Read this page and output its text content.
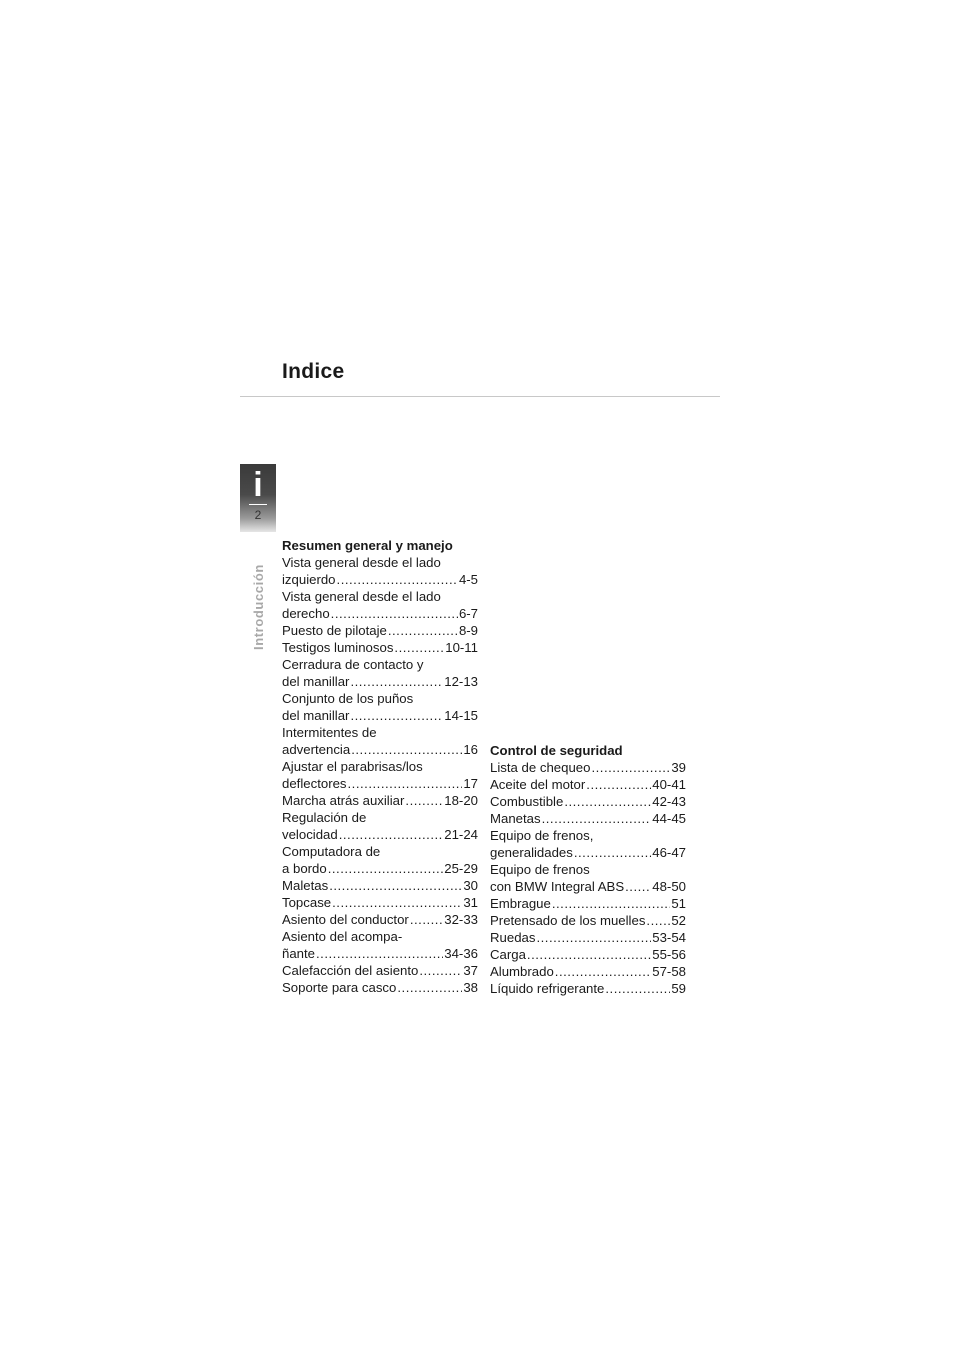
Indice
i
2
Introducción
Resumen general y manejo
Vista general desde el lado
izquierdo .....	4-5
Vista general desde el lado
derecho .....	6-7
Puesto de pilotaje .....	8-9
Testigos luminosos .....	10-11
Cerradura de contacto y
del manillar .....	12-13
Conjunto de los puños
del manillar .....	14-15
Intermitentes de
advertencia .....	16
Ajustar el parabrisas/los
deflectores .....	17
Marcha atrás auxiliar .....	18-20
Regulación de
velocidad .....	21-24
Computadora de
a bordo .....	25-29
Maletas .....	30
Topcase .....	31
Asiento del conductor .....	32-33
Asiento del acompa-
ñante .....	34-36
Calefacción del asiento .....	37
Soporte para casco .....	38
Control de seguridad
Lista de chequeo .....	39
Aceite del motor .....	40-41
Combustible .....	42-43
Manetas .....	44-45
Equipo de frenos,
generalidades .....	46-47
Equipo de frenos
con BMW Integral ABS ..... 48-50
Embrague .....	51
Pretensado de los muelles ..... 52
Ruedas .....	53-54
Carga .....	55-56
Alumbrado .....	57-58
Líquido refrigerante .....	59
